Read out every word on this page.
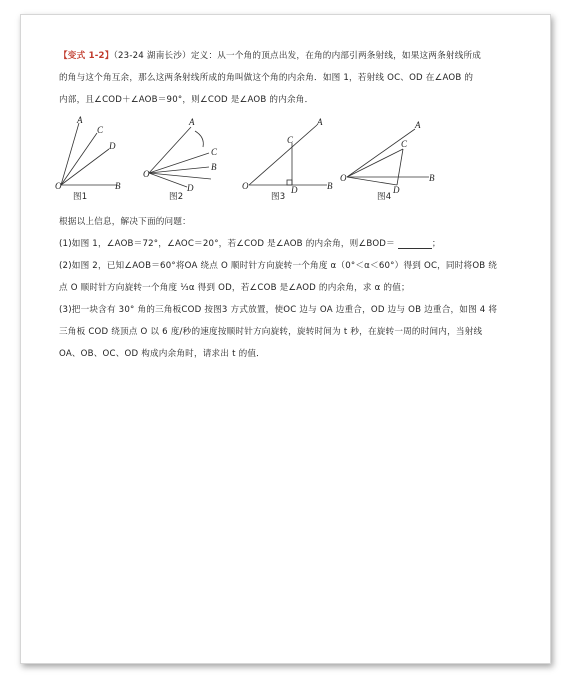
【变式 1-2】（23-24 湖南长沙）定义：从一个角的顶点出发，在角的内部引两条射线，如果这两条射线所成
的角与这个角互余，那么这两条射线所成的角叫做这个角的内余角．如图 1，若射线 OC、OD 在∠AOB 的
内部，且∠COD＋∠AOB＝90°，则∠COD 是∠AOB 的内余角．

A
C
D
O	B
A
C
B
O
D
A
C
O	D	B
A
C
O
D
B
图1	图2	图3	图4

根据以上信息，解决下面的问题：

(1)如图 1，∠AOB＝72°，∠AOC＝20°，若∠COD 是∠AOB 的内余角，则∠BOD＝	；

(2)如图 2，已知∠AOB＝60°将OA 绕点 O 顺时针方向旋转一个角度 α（0°＜α＜60°）得到 OC，同时将OB 绕
点 O 顺时针方向旋转一个角度 ⅓α 得到 OD，若∠COB 是∠AOD 的内余角，求 α 的值；

(3)把一块含有 30° 角的三角板COD 按图3 方式放置，使OC 边与 OA 边重合，OD 边与 OB 边重合，如图 4 将
三角板 COD 绕顶点 O 以 6 度/秒的速度按顺时针方向旋转，旋转时间为 t 秒，在旋转一周的时间内，当射线
OA、OB、OC、OD 构成内余角时，请求出 t 的值．
